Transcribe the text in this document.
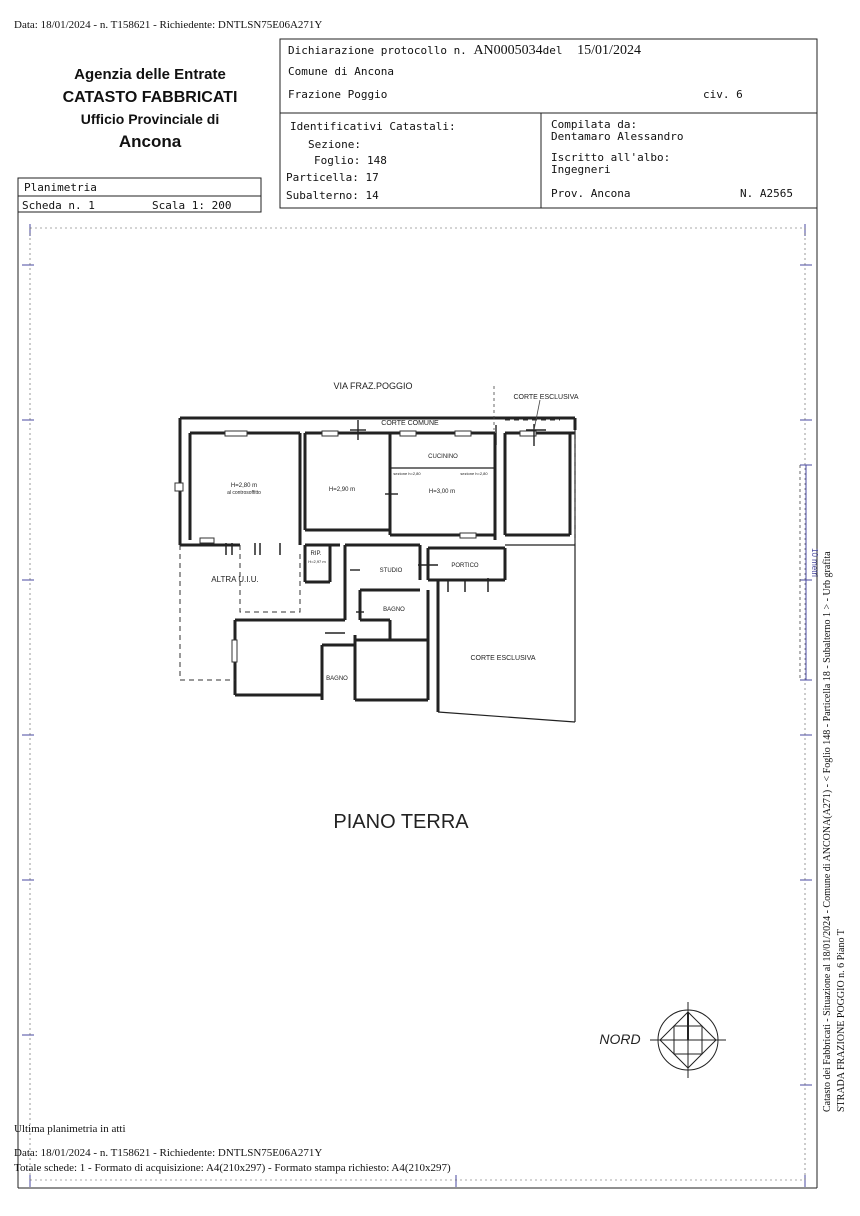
Data: 18/01/2024 - n. T158621 - Richiedente: DNTLSN75E06A271Y
Agenzia delle Entrate
CATASTO FABBRICATI
Ufficio Provinciale di
Ancona
Dichiarazione protocollo n. AN0005034del 15/01/2024
Comune di Ancona
Frazione Poggio	civ. 6
Identificativi Catastali:
Sezione:
Foglio: 148
Particella: 17
Subalterno: 14
Compilata da:
Dentamaro Alessandro
Iscritto all'albo:
Ingegneri
Prov. Ancona	N. A2565
Planimetria
Scheda n. 1	Scala 1: 200
VIA FRAZ.POGGIO
CORTE COMUNE
CORTE ESCLUSIVA
CUCININO
H=2,80 m
al controsoffitto	H=2,90 m	H=3,00 m
sezione h=2,80	sezione h=2,80
RIP.
H=2,97 m
STUDIO
PORTICO
BAGNO
BAGNO
ALTRA U.I.U.
CORTE ESCLUSIVA
PIANO TERRA
NORD
10 metri Catasto dei Fabbricati - Situazione al 18/01/2024 - Comune di ANCONA(A271) - < Foglio 148 - Particella 18 - Subalterno 1 > - Urb grafita STRADA FRAZIONE POGGIO n. 6 Piano T
Ultima planimetria in atti
Data: 18/01/2024 - n. T158621 - Richiedente: DNTLSN75E06A271Y
Totale schede: 1 - Formato di acquisizione: A4(210x297) - Formato stampa richiesto: A4(210x297)
